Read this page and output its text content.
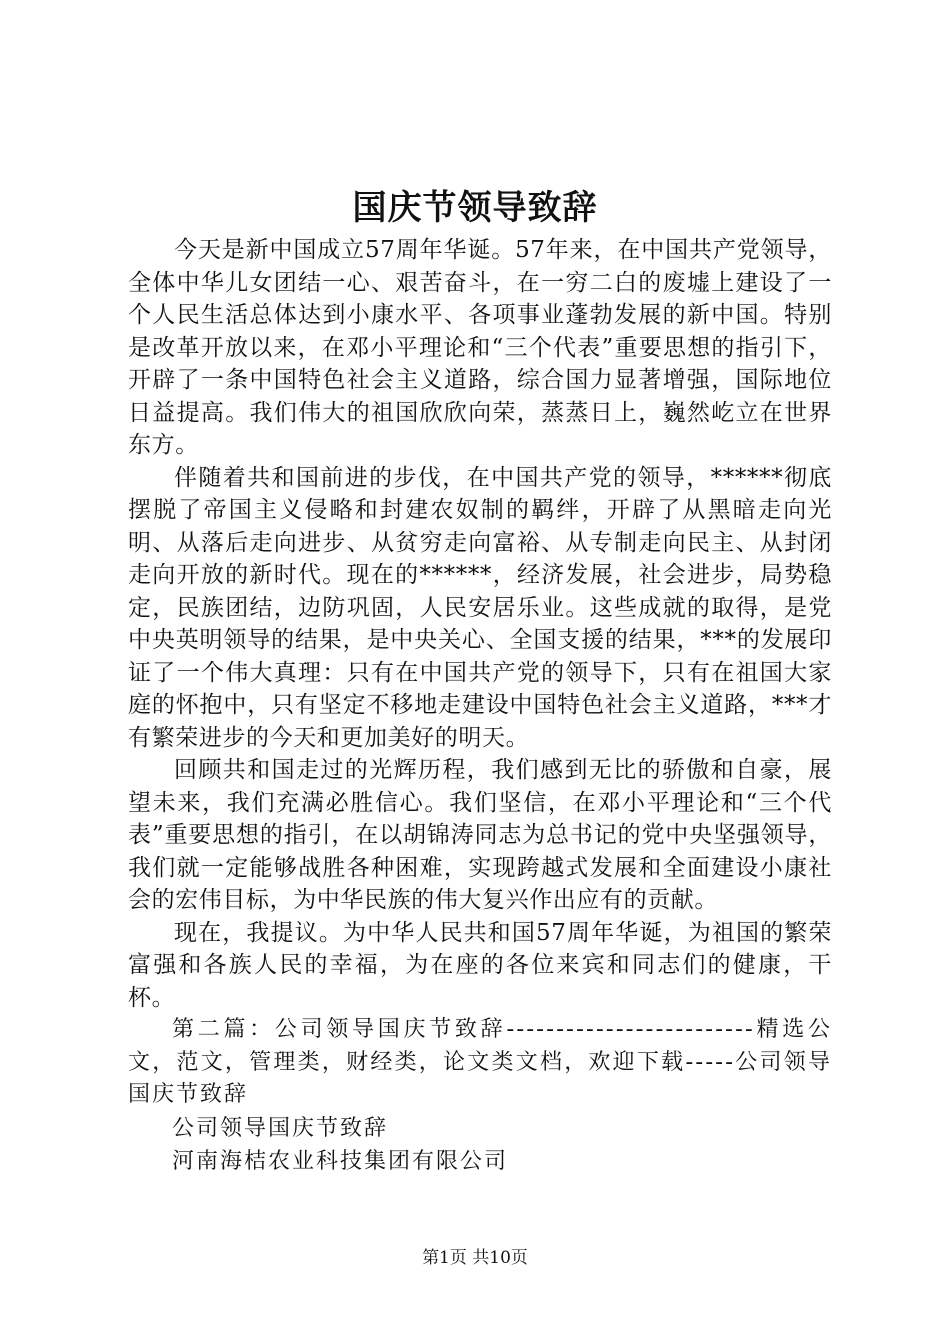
国庆节领导致辞

今天是新中国成立57周年华诞。57年来，在中国共产党领导，全体中华儿女团结一心、艰苦奋斗，在一穷二白的废墟上建设了一个人民生活总体达到小康水平、各项事业蓬勃发展的新中国。特别是改革开放以来，在邓小平理论和“三个代表”重要思想的指引下，开辟了一条中国特色社会主义道路，综合国力显著增强，国际地位日益提高。我们伟大的祖国欣欣向荣，蒸蒸日上，巍然屹立在世界东方。

伴随着共和国前进的步伐，在中国共产党的领导，******彻底摆脱了帝国主义侵略和封建农奴制的羁绊，开辟了从黑暗走向光明、从落后走向进步、从贫穷走向富裕、从专制走向民主、从封闭走向开放的新时代。现在的******，经济发展，社会进步，局势稳定，民族团结，边防巩固，人民安居乐业。这些成就的取得，是党中央英明领导的结果，是中央关心、全国支援的结果，***的发展印证了一个伟大真理：只有在中国共产党的领导下，只有在祖国大家庭的怀抱中，只有坚定不移地走建设中国特色社会主义道路，***才有繁荣进步的今天和更加美好的明天。

回顾共和国走过的光辉历程，我们感到无比的骄傲和自豪，展望未来，我们充满必胜信心。我们坚信，在邓小平理论和“三个代表”重要思想的指引，在以胡锦涛同志为总书记的党中央坚强领导，我们就一定能够战胜各种困难，实现跨越式发展和全面建设小康社会的宏伟目标，为中华民族的伟大复兴作出应有的贡献。

现在，我提议。为中华人民共和国57周年华诞，为祖国的繁荣富强和各族人民的幸福，为在座的各位来宾和同志们的健康，干杯。

第二篇：公司领导国庆节致辞-------------------------精选公文，范文，管理类，财经类，论文类文档，欢迎下载-----公司领导国庆节致辞

公司领导国庆节致辞

河南海桔农业科技集团有限公司

第1页 共10页
